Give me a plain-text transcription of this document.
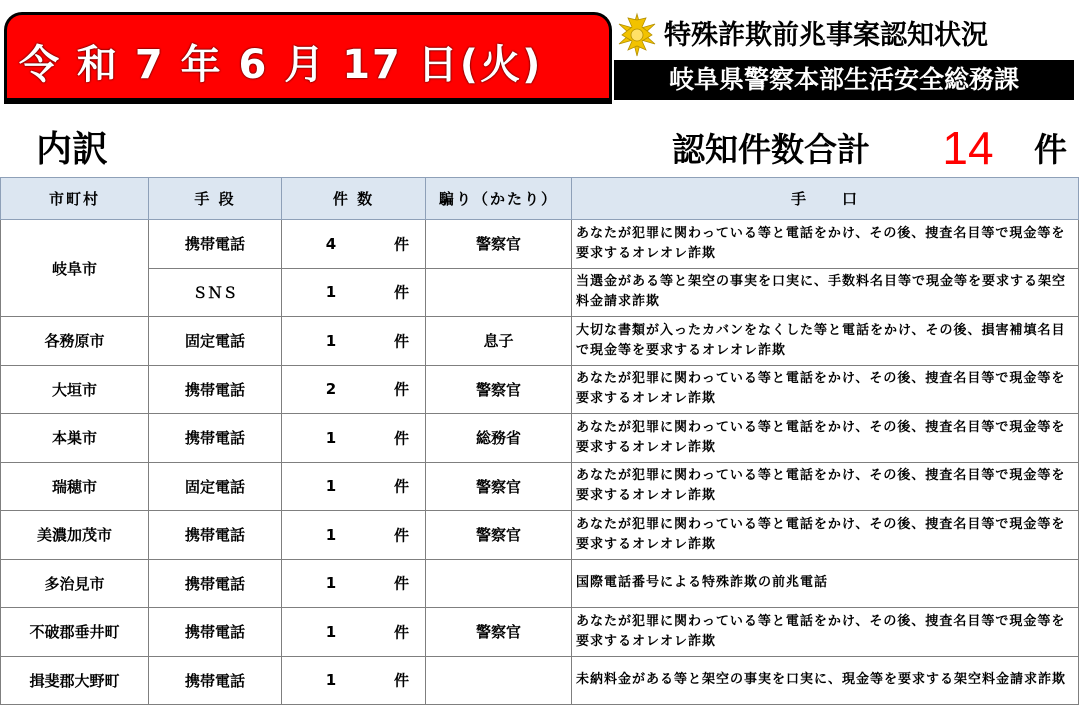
令 和 7 年 6 月 17 日(火)
特殊詐欺前兆事案認知状況
岐阜県警察本部生活安全総務課
内訳	認知件数合計 14 件
市町村	手 段	件 数	騙り（かたり）	手　　口
岐阜市	携帯電話	4 件	警察官	あなたが犯罪に関わっている等と電話をかけ、その後、捜査名目等で現金等を要求するオレオレ詐欺
	ＳＮＳ	1 件		当選金がある等と架空の事実を口実に、手数料名目等で現金等を要求する架空料金請求詐欺
各務原市	固定電話	1 件	息子	大切な書類が入ったカバンをなくした等と電話をかけ、その後、損害補填名目で現金等を要求するオレオレ詐欺
大垣市	携帯電話	2 件	警察官	あなたが犯罪に関わっている等と電話をかけ、その後、捜査名目等で現金等を要求するオレオレ詐欺
本巣市	携帯電話	1 件	総務省	あなたが犯罪に関わっている等と電話をかけ、その後、捜査名目等で現金等を要求するオレオレ詐欺
瑞穂市	固定電話	1 件	警察官	あなたが犯罪に関わっている等と電話をかけ、その後、捜査名目等で現金等を要求するオレオレ詐欺
美濃加茂市	携帯電話	1 件	警察官	あなたが犯罪に関わっている等と電話をかけ、その後、捜査名目等で現金等を要求するオレオレ詐欺
多治見市	携帯電話	1 件		国際電話番号による特殊詐欺の前兆電話
不破郡垂井町	携帯電話	1 件	警察官	あなたが犯罪に関わっている等と電話をかけ、その後、捜査名目等で現金等を要求するオレオレ詐欺
揖斐郡大野町	携帯電話	1 件		未納料金がある等と架空の事実を口実に、現金等を要求する架空料金請求詐欺
